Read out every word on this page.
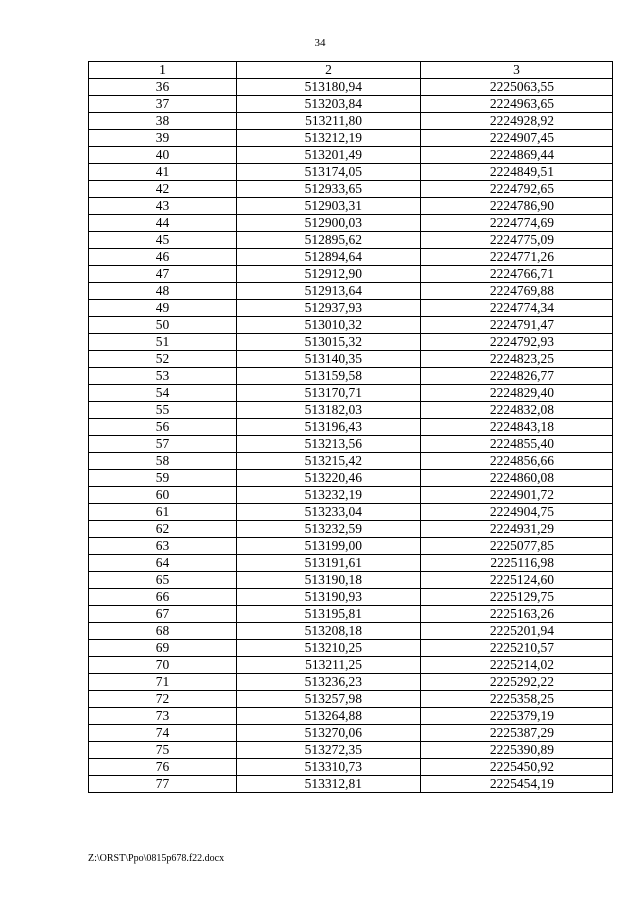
34
1	2	3
36	513180,94	2225063,55
37	513203,84	2224963,65
38	513211,80	2224928,92
39	513212,19	2224907,45
40	513201,49	2224869,44
41	513174,05	2224849,51
42	512933,65	2224792,65
43	512903,31	2224786,90
44	512900,03	2224774,69
45	512895,62	2224775,09
46	512894,64	2224771,26
47	512912,90	2224766,71
48	512913,64	2224769,88
49	512937,93	2224774,34
50	513010,32	2224791,47
51	513015,32	2224792,93
52	513140,35	2224823,25
53	513159,58	2224826,77
54	513170,71	2224829,40
55	513182,03	2224832,08
56	513196,43	2224843,18
57	513213,56	2224855,40
58	513215,42	2224856,66
59	513220,46	2224860,08
60	513232,19	2224901,72
61	513233,04	2224904,75
62	513232,59	2224931,29
63	513199,00	2225077,85
64	513191,61	2225116,98
65	513190,18	2225124,60
66	513190,93	2225129,75
67	513195,81	2225163,26
68	513208,18	2225201,94
69	513210,25	2225210,57
70	513211,25	2225214,02
71	513236,23	2225292,22
72	513257,98	2225358,25
73	513264,88	2225379,19
74	513270,06	2225387,29
75	513272,35	2225390,89
76	513310,73	2225450,92
77	513312,81	2225454,19
Z:\ORST\Ppo\0815p678.f22.docx
